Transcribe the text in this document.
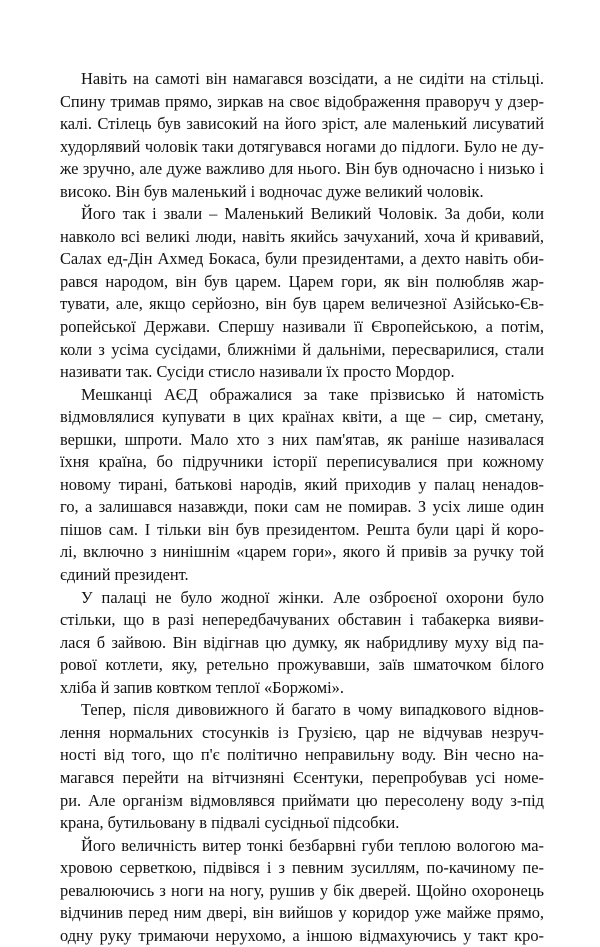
Навіть на самоті він намагався возсідати, а не сидіти на стільці.
Спину тримав прямо, зиркав на своє відображення праворуч у дзер-
калі. Стілець був зависокий на його зріст, але маленький лисуватий
худорлявий чоловік таки дотягувався ногами до підлоги. Було не ду-
же зручно, але дуже важливо для нього. Він був одночасно і низько і
високо. Він був маленький і водночас дуже великий чоловік.
Його так і звали – Маленький Великий Чоловік. За доби, коли
навколо всі великі люди, навіть якийсь зачуханий, хоча й кривавий,
Салах ед-Дін Ахмед Бокаса, були президентами, а дехто навіть оби-
рався народом, він був царем. Царем гори, як він полюбляв жар-
тувати, але, якщо серйозно, він був царем величезної Азійсько-Єв-
ропейської Держави. Спершу називали її Європейською, а потім,
коли з усіма сусідами, ближніми й дальніми, пересварилися, стали
називати так. Сусіди стисло називали їх просто Мордор.
Мешканці АЄД ображалися за таке прізвисько й натомість
відмовлялися купувати в цих країнах квіти, а ще – сир, сметану,
вершки, шпроти. Мало хто з них пам'ятав, як раніше називалася
їхня країна, бо підручники історії переписувалися при кожному
новому тирані, батькові народів, який приходив у палац ненадов-
го, а залишався назавжди, поки сам не помирав. З усіх лише один
пішов сам. І тільки він був президентом. Решта були царі й коро-
лі, включно з нинішнім «царем гори», якого й привів за ручку той
єдиний президент.
У палаці не було жодної жінки. Але озброєної охорони було
стільки, що в разі непередбачуваних обставин і табакерка вияви-
лася б зайвою. Він відігнав цю думку, як набридливу муху від па-
рової котлети, яку, ретельно прожувавши, заїв шматочком білого
хліба й запив ковтком теплої «Боржомі».
Тепер, після дивовижного й багато в чому випадкового віднов-
лення нормальних стосунків із Грузією, цар не відчував незруч-
ності від того, що п'є політично неправильну воду. Він чесно на-
магався перейти на вітчизняні Єсентуки, перепробував усі номе-
ри. Але організм відмовлявся приймати цю пересолену воду з-під
крана, бутильовану в підвалі сусідньої підсобки.
Його величність витер тонкі безбарвні губи теплою вологою ма-
хровою серветкою, підвівся і з певним зусиллям, по-качиному пе-
ревалюючись з ноги на ногу, рушив у бік дверей. Щойно охоронець
відчинив перед ним двері, він вийшов у коридор уже майже прямо,
одну руку тримаючи нерухомо, а іншою відмахуючись у такт кро-
